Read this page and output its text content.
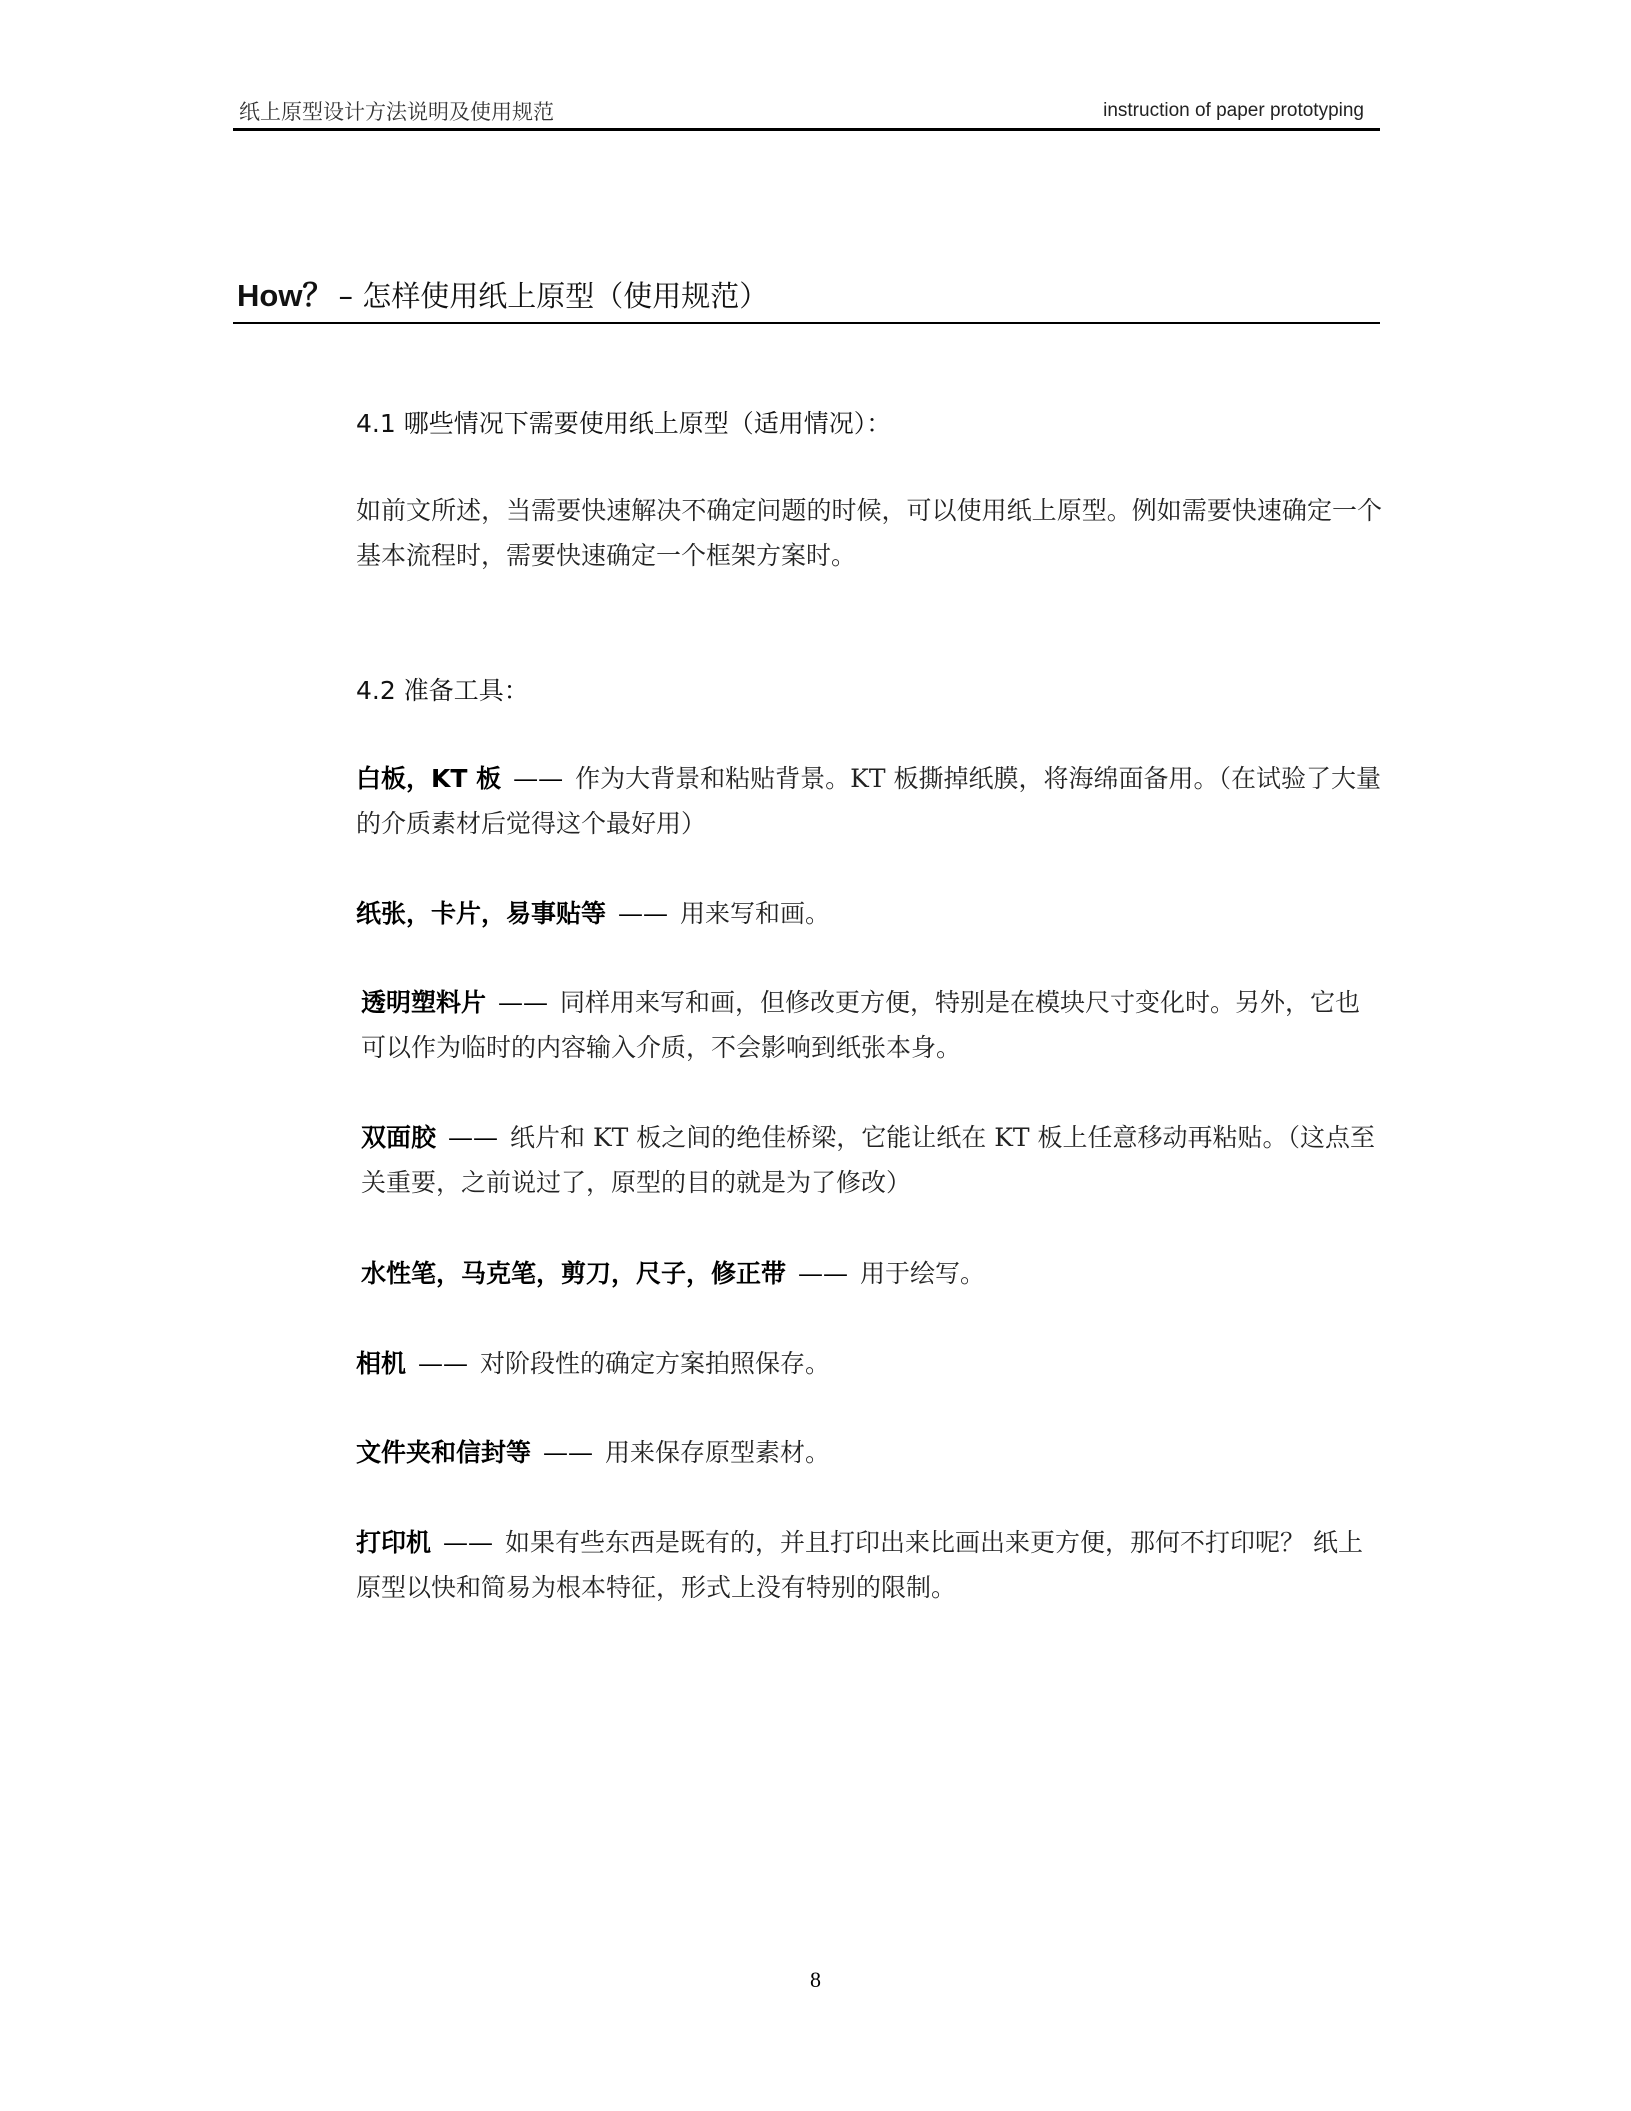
纸上原型设计方法说明及使用规范	instruction of paper prototyping
How？ – 怎样使用纸上原型（使用规范）
4.1 哪些情况下需要使用纸上原型（适用情况）：
如前文所述，当需要快速解决不确定问题的时候，可以使用纸上原型。例如需要快速确定一个基本流程时，需要快速确定一个框架方案时。
4.2 准备工具：
白板，KT 板 —— 作为大背景和粘贴背景。KT 板撕掉纸膜，将海绵面备用。（在试验了大量的介质素材后觉得这个最好用）
纸张，卡片，易事贴等 —— 用来写和画。
透明塑料片 —— 同样用来写和画，但修改更方便，特别是在模块尺寸变化时。另外，它也可以作为临时的内容输入介质，不会影响到纸张本身。
双面胶 —— 纸片和 KT 板之间的绝佳桥梁，它能让纸在 KT 板上任意移动再粘贴。（这点至关重要，之前说过了，原型的目的就是为了修改）
水性笔，马克笔，剪刀，尺子，修正带 —— 用于绘写。
相机 —— 对阶段性的确定方案拍照保存。
文件夹和信封等 —— 用来保存原型素材。
打印机 —— 如果有些东西是既有的，并且打印出来比画出来更方便，那何不打印呢？ 纸上原型以快和简易为根本特征，形式上没有特别的限制。
8
